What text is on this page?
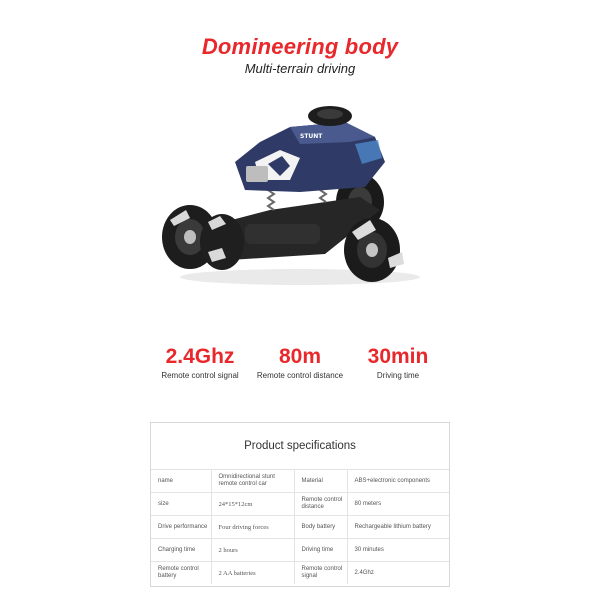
Domineering body
Multi-terrain driving
STUNT
2.4Ghz
Remote control signal
80m
Remote control distance
30min
Driving time
Product specifications
name	Omnidirectional stunt remote control car	Material	ABS+electronic components
size	24*15*12cm	Remote control distance	80 meters
Drive performance	Four driving forces	Body battery	Rechargeable lithium battery
Charging time	2 hours	Driving time	30 minutes
Remote control battery	2 AA batteries	Remote control signal	2.4Ghz
